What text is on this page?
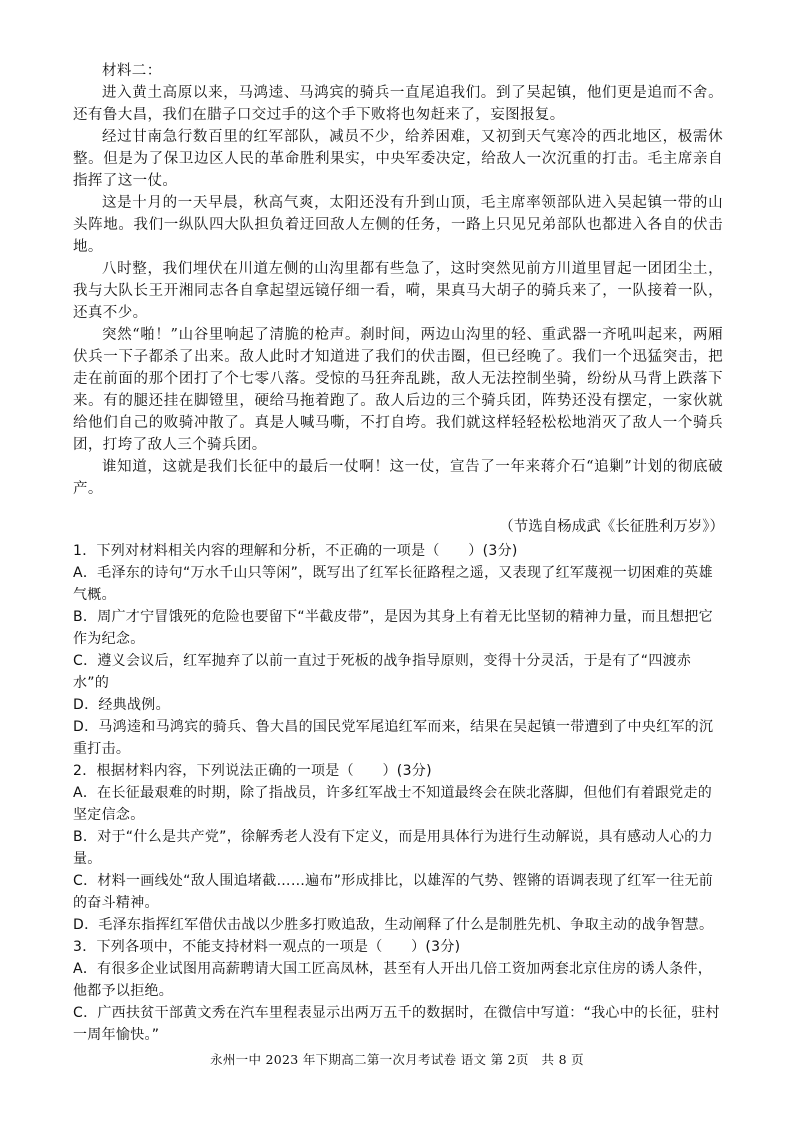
材料二：

进入黄土高原以来，马鸿逵、马鸿宾的骑兵一直尾追我们。到了吴起镇，他们更是追而不舍。还有鲁大昌，我们在腊子口交过手的这个手下败将也匆赶来了，妄图报复。

经过甘南急行数百里的红军部队，减员不少，给养困难，又初到天气寒冷的西北地区，极需休整。但是为了保卫边区人民的革命胜利果实，中央军委决定，给敌人一次沉重的打击。毛主席亲自指挥了这一仗。

这是十月的一天早晨，秋高气爽，太阳还没有升到山顶，毛主席率领部队进入吴起镇一带的山头阵地。我们一纵队四大队担负着迂回敌人左侧的任务，一路上只见兄弟部队也都进入各自的伏击地。

八时整，我们埋伏在川道左侧的山沟里都有些急了，这时突然见前方川道里冒起一团团尘土，我与大队长王开湘同志各自拿起望远镜仔细一看，嗬，果真马大胡子的骑兵来了，一队接着一队，还真不少。

突然“啪！”山谷里响起了清脆的枪声。刹时间，两边山沟里的轻、重武器一齐吼叫起来，两厢伏兵一下子都杀了出来。敌人此时才知道进了我们的伏击圈，但已经晚了。我们一个迅猛突击，把走在前面的那个团打了个七零八落。受惊的马狂奔乱跳，敌人无法控制坐骑，纷纷从马背上跌落下来。有的腿还挂在脚镫里，硬给马拖着跑了。敌人后边的三个骑兵团，阵势还没有摆定，一家伙就给他们自己的败骑冲散了。真是人喊马嘶，不打自垮。我们就这样轻轻松松地消灭了敌人一个骑兵团，打垮了敌人三个骑兵团。

谁知道，这就是我们长征中的最后一仗啊！这一仗，宣告了一年来蒋介石“追剿”计划的彻底破产。

（节选自杨成武《长征胜利万岁》）

1．下列对材料相关内容的理解和分析，不正确的一项是（　　）(3分)

A．毛泽东的诗句“万水千山只等闲”，既写出了红军长征路程之遥，又表现了红军蔑视一切困难的英雄气概。

B．周广才宁冒饿死的危险也要留下“半截皮带”，是因为其身上有着无比坚韧的精神力量，而且想把它作为纪念。

C．遵义会议后，红军抛弃了以前一直过于死板的战争指导原则，变得十分灵活，于是有了“四渡赤水”的

D．经典战例。

D．马鸿逵和马鸿宾的骑兵、鲁大昌的国民党军尾追红军而来，结果在吴起镇一带遭到了中央红军的沉重打击。

2．根据材料内容，下列说法正确的一项是（　　）(3分)

A．在长征最艰难的时期，除了指战员，许多红军战士不知道最终会在陕北落脚，但他们有着跟党走的坚定信念。

B．对于“什么是共产党”，徐解秀老人没有下定义，而是用具体行为进行生动解说，具有感动人心的力量。

C．材料一画线处“敌人围追堵截……遍布”形成排比，以雄浑的气势、铿锵的语调表现了红军一往无前的奋斗精神。

D．毛泽东指挥红军借伏击战以少胜多打败追敌，生动阐释了什么是制胜先机、争取主动的战争智慧。

3．下列各项中，不能支持材料一观点的一项是（　　）(3分)

A．有很多企业试图用高薪聘请大国工匠高凤林，甚至有人开出几倍工资加两套北京住房的诱人条件，他都予以拒绝。

C．广西扶贫干部黄文秀在汽车里程表显示出两万五千的数据时，在微信中写道：“我心中的长征，驻村一周年愉快。”

永州一中 2023 年下期高二第一次月考试卷 语文 第 2页　共 8 页
